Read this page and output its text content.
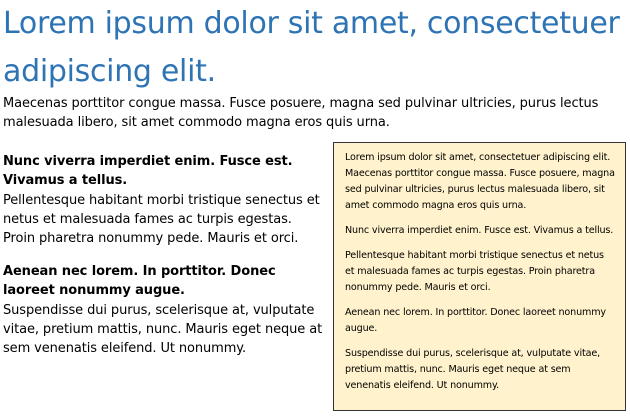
Lorem ipsum dolor sit amet, consectetuer adipiscing elit.

Maecenas porttitor congue massa. Fusce posuere, magna sed pulvinar ultricies, purus lectus malesuada libero, sit amet commodo magna eros quis urna.

Nunc viverra imperdiet enim. Fusce est. Vivamus a tellus.

Pellentesque habitant morbi tristique senectus et netus et malesuada fames ac turpis egestas. Proin pharetra nonummy pede. Mauris et orci.

Aenean nec lorem. In porttitor. Donec laoreet nonummy augue.

Suspendisse dui purus, scelerisque at, vulputate vitae, pretium mattis, nunc. Mauris eget neque at sem venenatis eleifend. Ut nonummy.

Lorem ipsum dolor sit amet, consectetuer adipiscing elit. Maecenas porttitor congue massa. Fusce posuere, magna sed pulvinar ultricies, purus lectus malesuada libero, sit amet commodo magna eros quis urna.

Nunc viverra imperdiet enim. Fusce est. Vivamus a tellus.

Pellentesque habitant morbi tristique senectus et netus et malesuada fames ac turpis egestas. Proin pharetra nonummy pede. Mauris et orci.

Aenean nec lorem. In porttitor. Donec laoreet nonummy augue.

Suspendisse dui purus, scelerisque at, vulputate vitae, pretium mattis, nunc. Mauris eget neque at sem venenatis eleifend. Ut nonummy.
